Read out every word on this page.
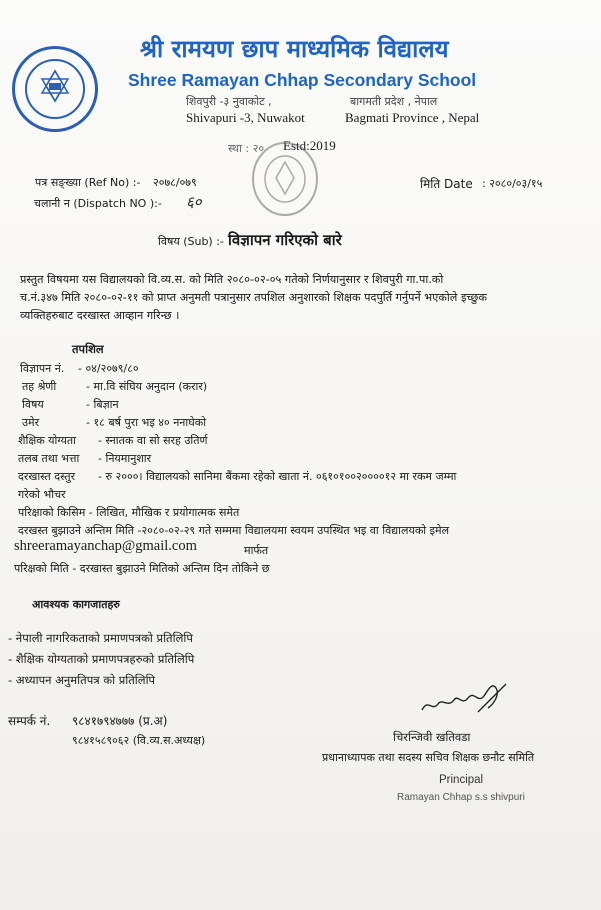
श्री रामयण छाप माध्यमिक विद्यालय
Shree Ramayan Chhap Secondary School
शिवपुरी -३ नुवाकोट ,	बागमती प्रदेश , नेपाल
Shivapuri -3, Nuwakot	Bagmati Province , Nepal
स्था : २० Estd:2019
पत्र सङ्ख्या (Ref No) :- २०७८/०७९
चलानी न (Dispatch NO ):- ६०
मिति Date : २०८०/०३/१५
विषय (Sub) :- विज्ञापन गरिएको बारे
प्रस्तुत विषयमा यस विद्यालयको वि.व्य.स. को मिति २०८०-०२-०५ गतेको निर्णयानुसार र शिवपुरी गा.पा.को
च.नं.३४७ मिति २०८०-०२-११ को प्राप्त अनुमती पत्रानुसार तपशिल अनुशारको शिक्षक पदपुर्ति गर्नुपर्ने भएकोले इच्छुक
व्यक्तिहरुबाट दरखास्त आव्हान गरिन्छ ।
तपशिल
विज्ञापन नं. - ०४/२०७९/८०
तह श्रेणी	- मा.वि संघिय अनुदान (करार)
विषय	- बिज्ञान
उमेर	- १८ बर्ष पुरा भइ ४० ननाघेको
शैक्षिक योग्यता - स्नातक वा सो सरह उतिर्ण
तलब तथा भत्ता - नियमानुशार
दरखास्त दस्तुर - रु २०००। विद्यालयको सानिमा बैंकमा रहेको खाता नं. ०६१०१००२००००१२ मा रकम जम्मा
गरेको भौचर
परिक्षाको किसिम - लिखित, मौखिक र प्रयोगात्मक समेत
दरखस्त बुझाउने अन्तिम मिति -२०८०-०२-२९ गते सम्ममा विद्यालयमा स्वयम उपस्थित भइ वा विद्यालयको इमेल
shreeramayanchap@gmail.com	मार्फत
परिक्षको मिति - दरखास्त बुझाउने मितिको अन्तिम दिन तोकिने छ
आवश्यक कागजातहरु
- नेपाली नागरिकताको प्रमाणपत्रको प्रतिलिपि
- शैक्षिक योग्यताको प्रमाणपत्रहरुको प्रतिलिपि
- अध्यापन अनुमतिपत्र को प्रतिलिपि
सम्पर्क नं. ९८४१७९४७७७ (प्र.अ)
९८४१५८९०६२ (वि.व्य.स.अध्यक्ष)	चिरन्जिवी खतिवडा
प्रधानाध्यापक तथा सदस्य सचिव शिक्षक छनौट समिति
Principal
Ramayan Chhap s.s shivpuri
